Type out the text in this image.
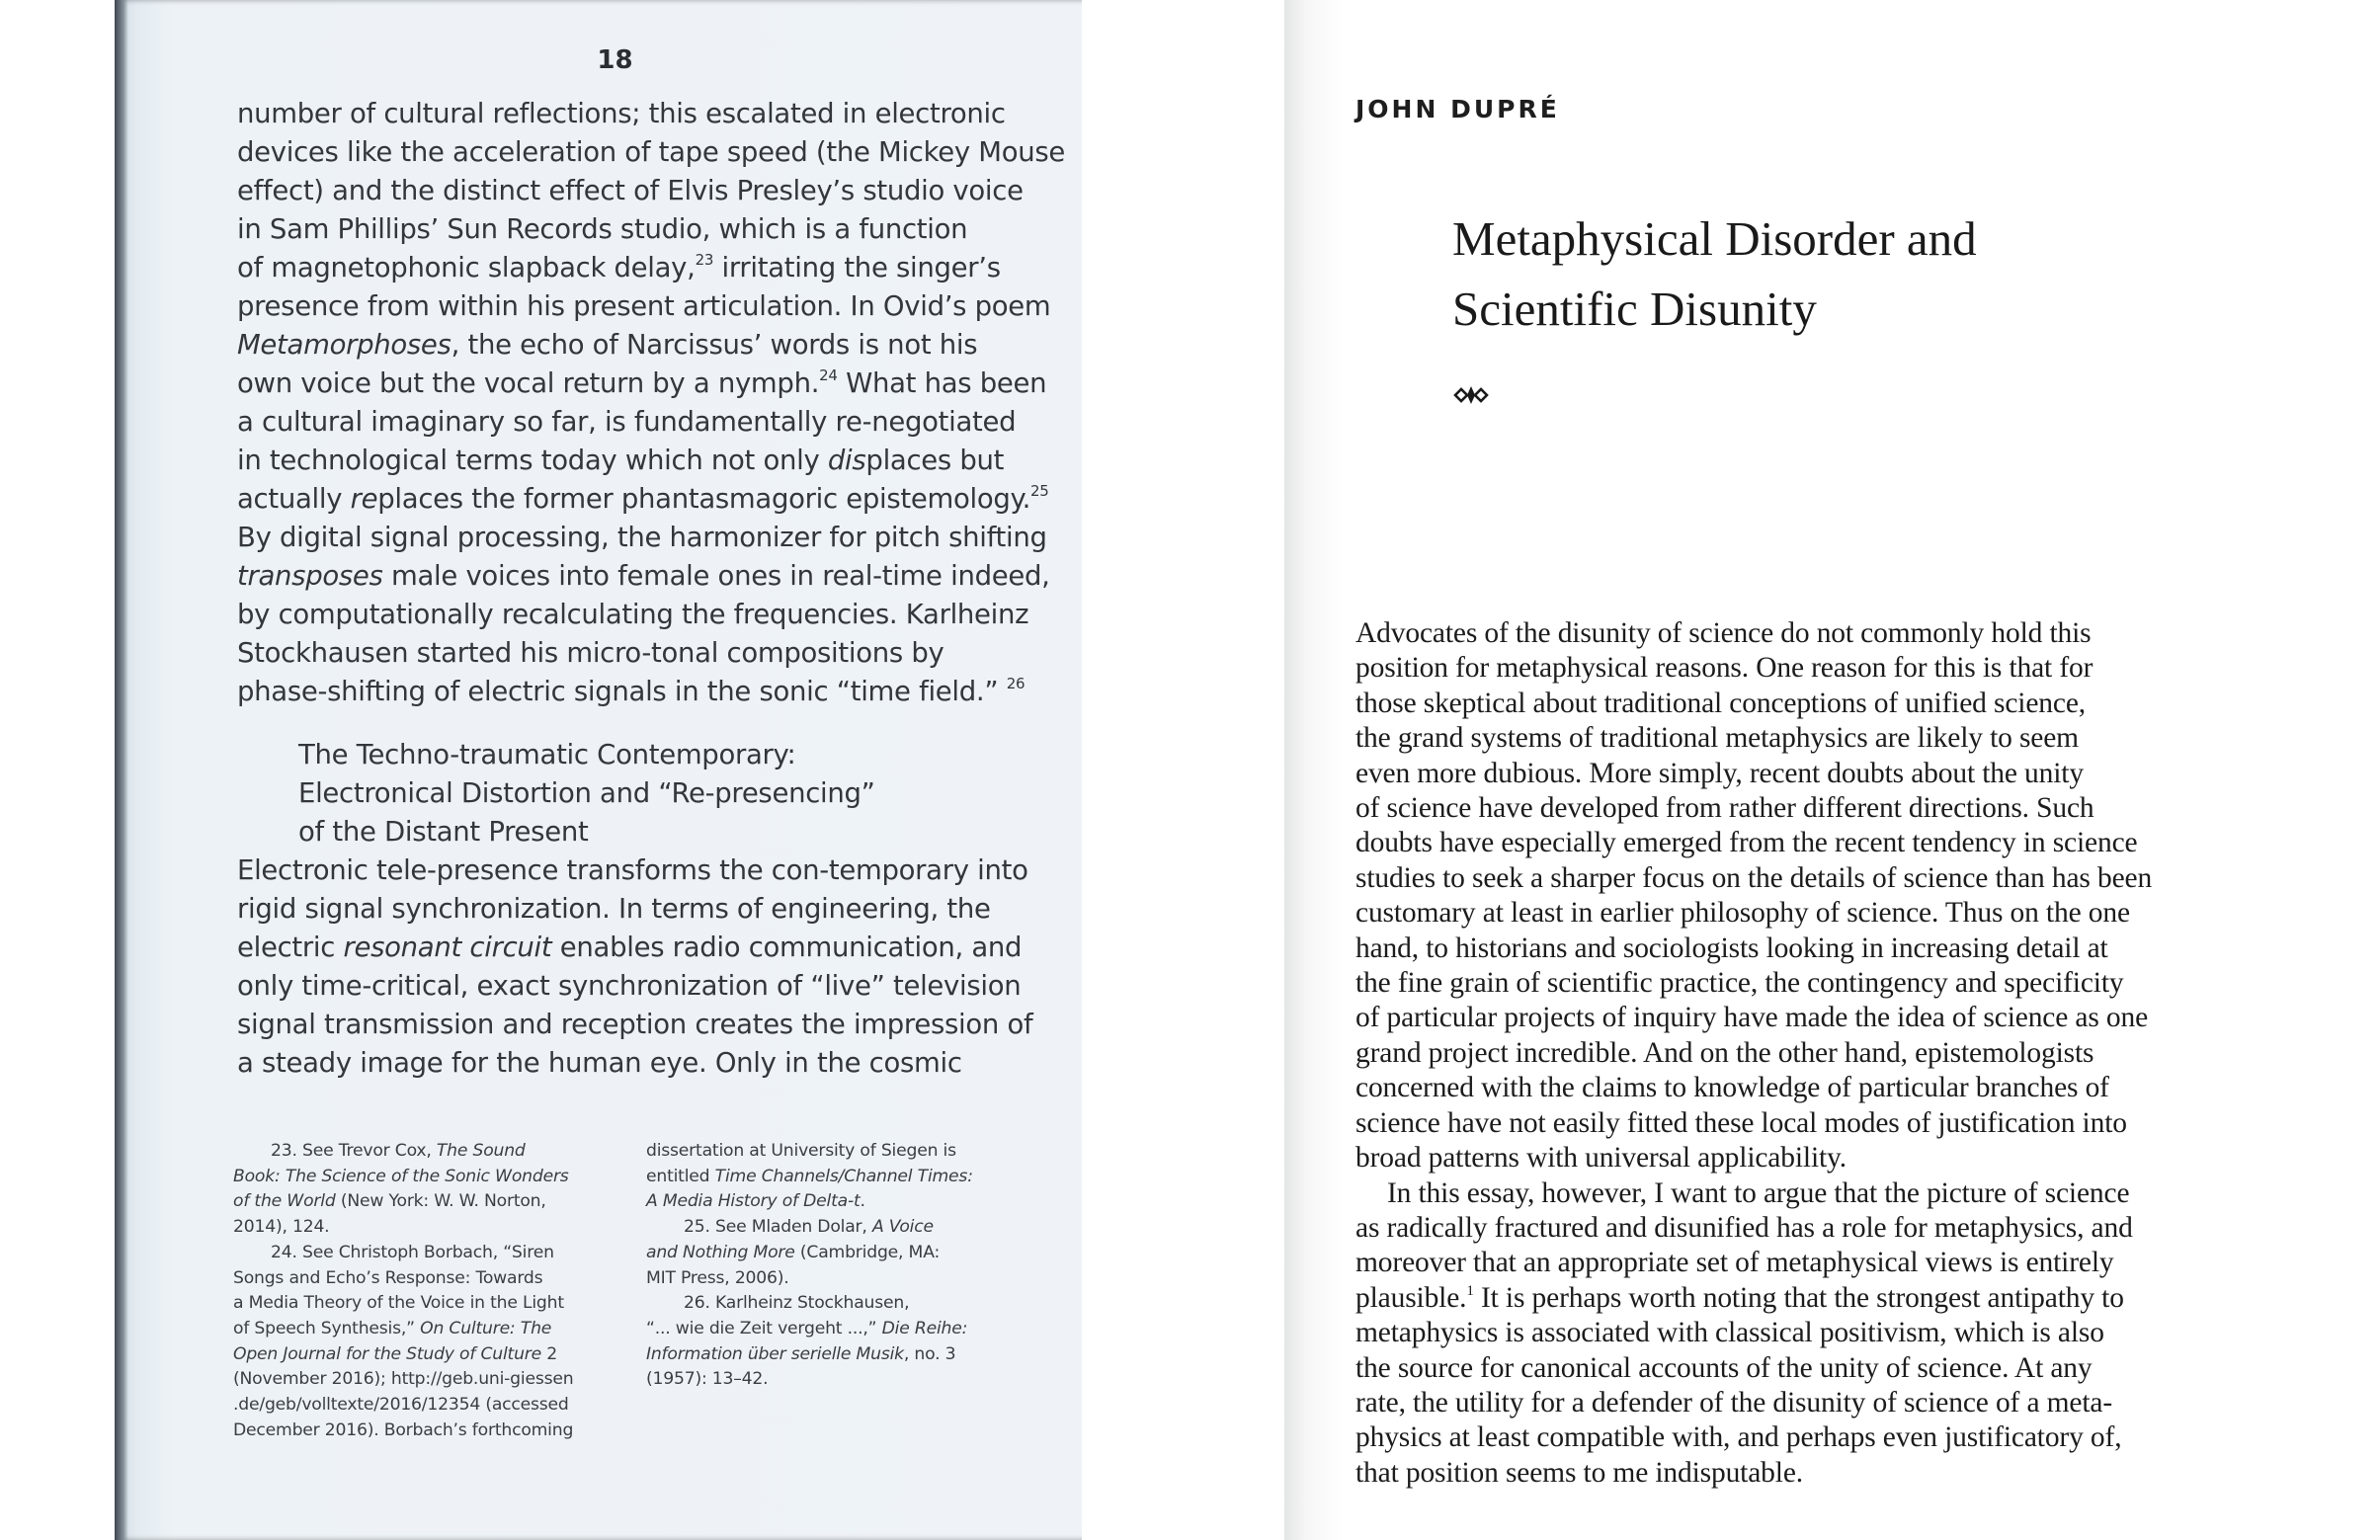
18

number of cultural reflections; this escalated in electronic

devices like the acceleration of tape speed (the Mickey Mouse

effect) and the distinct effect of Elvis Presley’s studio voice

in Sam Phillips’ Sun Records studio, which is a function

of magnetophonic slapback delay,$^{23}$ irritating the singer’s

presence from within his present articulation. In Ovid’s poem

Metamorphoses, the echo of Narcissus’ words is not his

own voice but the vocal return by a nymph.$^{24}$ What has been

a cultural imaginary so far, is fundamentally re-negotiated

in technological terms today which not only displaces but

actually replaces the former phantasmagoric epistemology.$^{25}$

By digital signal processing, the harmonizer for pitch shifting

transposes male voices into female ones in real-time indeed,

by computationally recalculating the frequencies. Karlheinz

Stockhausen started his micro-tonal compositions by

phase-shifting of electric signals in the sonic “time field.” $^{26}$

The Techno-traumatic Contemporary:

Electronical Distortion and “Re-presencing”

of the Distant Present

Electronic tele-presence transforms the con-temporary into

rigid signal synchronization. In terms of engineering, the

electric resonant circuit enables radio communication, and

only time-critical, exact synchronization of “live” television

signal transmission and reception creates the impression of

a steady image for the human eye. Only in the cosmic

23. See Trevor Cox, The Sound

Book: The Science of the Sonic Wonders

of the World (New York: W. W. Norton,

2014), 124.

24. See Christoph Borbach, “Siren

Songs and Echo’s Response: Towards

a Media Theory of the Voice in the Light

of Speech Synthesis,” On Culture: The

Open Journal for the Study of Culture 2

(November 2016); http://geb.uni-giessen

.de/geb/volltexte/2016/12354 (accessed

December 2016). Borbach’s forthcoming

dissertation at University of Siegen is

entitled Time Channels/Channel Times:

A Media History of Delta-t.

25. See Mladen Dolar, A Voice

and Nothing More (Cambridge, MA:

MIT Press, 2006).

26. Karlheinz Stockhausen,

“... wie die Zeit vergeht ...,” Die Reihe:

Information über serielle Musik, no. 3

(1957): 13–42.

JOHN DUPRÉ

Metaphysical Disorder and

Scientific Disunity

Advocates of the disunity of science do not commonly hold this

position for metaphysical reasons. One reason for this is that for

those skeptical about traditional conceptions of unified science,

the grand systems of traditional metaphysics are likely to seem

even more dubious. More simply, recent doubts about the unity

of science have developed from rather different directions. Such

doubts have especially emerged from the recent tendency in science

studies to seek a sharper focus on the details of science than has been

customary at least in earlier philosophy of science. Thus on the one

hand, to historians and sociologists looking in increasing detail at

the fine grain of scientific practice, the contingency and specificity

of particular projects of inquiry have made the idea of science as one

grand project incredible. And on the other hand, epistemologists

concerned with the claims to knowledge of particular branches of

science have not easily fitted these local modes of justification into

broad patterns with universal applicability.

In this essay, however, I want to argue that the picture of science

as radically fractured and disunified has a role for metaphysics, and

moreover that an appropriate set of metaphysical views is entirely

plausible.$^1$ It is perhaps worth noting that the strongest antipathy to

metaphysics is associated with classical positivism, which is also

the source for canonical accounts of the unity of science. At any

rate, the utility for a defender of the disunity of science of a meta-

physics at least compatible with, and perhaps even justificatory of,

that position seems to me indisputable.
